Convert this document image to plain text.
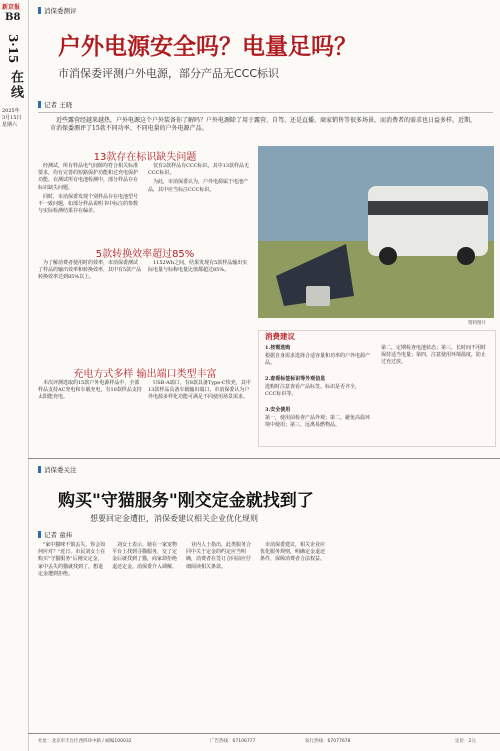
新京报
B8
3·15
在线
2025年
3月15日
星期六
消保委测评
户外电源安全吗？电量足吗？
市消保委评测户外电源，部分产品无CCC标识
记者 王晓
近些露营经越来越热，户外电源这个户外装备你了解吗？户外电源除了用于露营、自驾、还是直播、商家销售等很多场景，而消费者的需求也日益多样。近期，市消保委测评了15款不同功率、不同电量的户外电源产品。
13款存在标识缺失问题

经测试，所有样品电气间隙均符合相关标准要求，均有完善的短路保护功能和过充电保护功能。在测试所有电池检测中，部分样品存在标识缺失问题。

同时，市消保委发现个别样品存在电池型号不一致问题，如部分样品说明书中标注的参数与实际检测结果存在偏差。

仅有2款样品有CCC标识，其中13款样品无CCC标识。

为此，市消保委认为，户外电源属于电池产品，其中应当标注CCC标识。

5款转换效率超过85%

为了解消费者使用时的效率，市消保委测试了样品的输出效率和转换效率，其中有5款产品转换效率达到85%以上。

1152Wh之间，结果发现有5款样品输出实际电量与标称电量比值都超过85%。

充电方式多样 输出端口类型丰富

本次评测选取的15款户外电源样品中，全部样品支持AC充电和车载充电，有10款样品支持太阳能充电。

USB-A端口，有8款具备Type-C快充，其中13款样品具备车载输出端口，市消保委认为户外电源多样化功能可满足不同使用场景需求。

资料图片
消费建议
1.按需选购
根据自身需求选择合适容量和功率的户外电源产品。
2.查看标签标识等外观信息
选购时注意查看产品标签、标识是否齐全，CCC标识等。
3.安全使用
第一，使用前检查产品外观；第二，避免高温环境中使用；第三，远离易燃物品。
第二，定期检查电池状态；第三，长时间不用时保持适当电量；第四，注意使用环境温度，防止过充过放。
消保委关注
购买"守猫服务"刚交定金就找到了
想要回定金遭拒，消保委建议相关企业优化规则
记者 童祎

"家中猫咪不慎丢失，你会如何应对？"近日，市民刘女士在购买"守猫服务"后刚交定金，家中丢失的猫就找到了，想退定金遭到拒绝。

刘女士表示，她在一家宠物平台上找到寻猫服务，交了定金后就找到了猫，商家却拒绝退还定金，消保委介入调解。

业内人士指出，此类服务合同中关于定金的约定应当明确，消费者在签订合同前应仔细阅读相关条款。

市消保委建议，相关企业应优化服务规则，明确定金退还条件，保障消费者合法权益。

社址：北京市丰台区西四环中路 / 邮编100032	广告热线：67106777	发行热线：67077678	定价：2元
